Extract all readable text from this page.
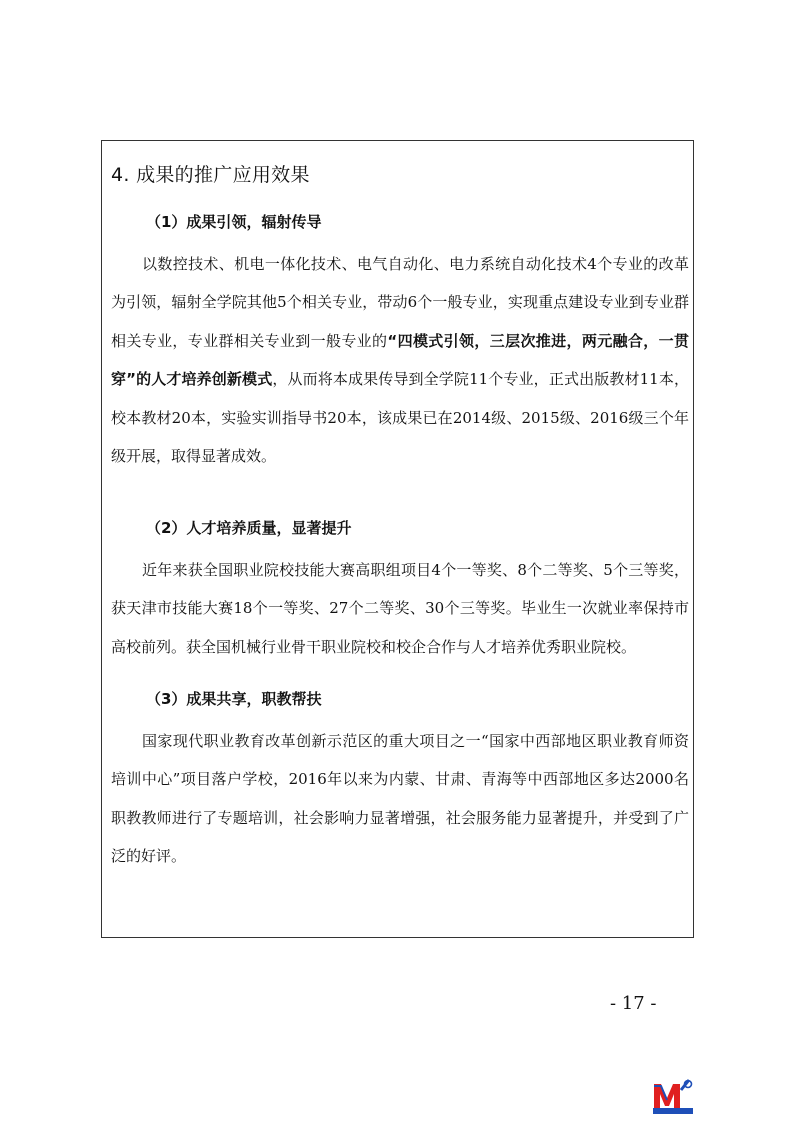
4. 成果的推广应用效果
（1）成果引领，辐射传导
以数控技术、机电一体化技术、电气自动化、电力系统自动化技术4个专业的改革为引领，辐射全学院其他5个相关专业，带动6个一般专业，实现重点建设专业到专业群相关专业，专业群相关专业到一般专业的“四模式引领，三层次推进，两元融合，一贯穿”的人才培养创新模式，从而将本成果传导到全学院11个专业，正式出版教材11本，校本教材20本，实验实训指导书20本，该成果已在2014级、2015级、2016级三个年级开展，取得显著成效。
（2）人才培养质量，显著提升
近年来获全国职业院校技能大赛高职组项目4个一等奖、8个二等奖、5个三等奖，获天津市技能大赛18个一等奖、27个二等奖、30个三等奖。毕业生一次就业率保持市高校前列。获全国机械行业骨干职业院校和校企合作与人才培养优秀职业院校。
（3）成果共享，职教帮扶
国家现代职业教育改革创新示范区的重大项目之一“国家中西部地区职业教育师资培训中心”项目落户学校，2016年以来为内蒙、甘肃、青海等中西部地区多达2000名职教教师进行了专题培训，社会影响力显著增强，社会服务能力显著提升，并受到了广泛的好评。
- 17 -
